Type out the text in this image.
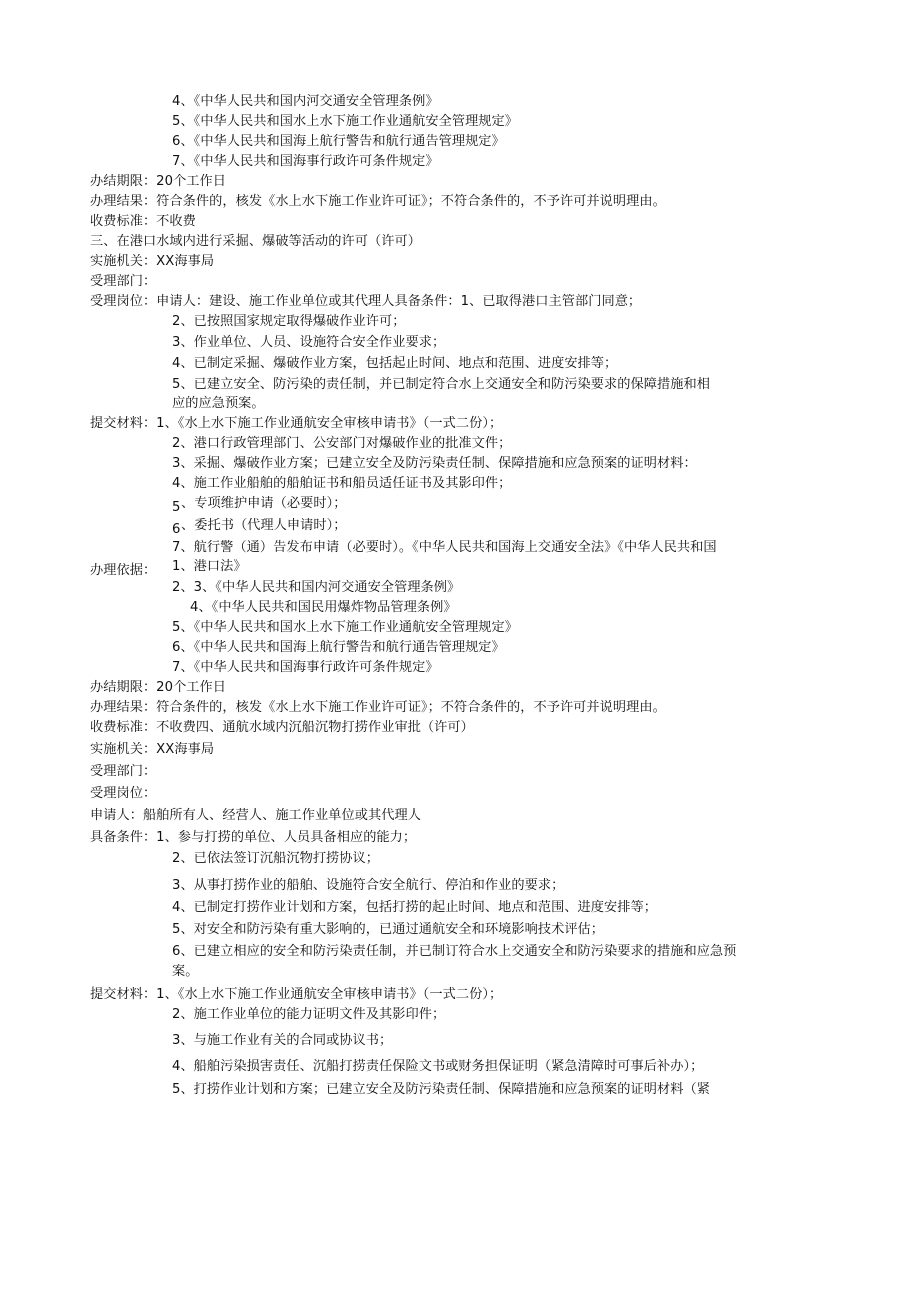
4、《中华人民共和国内河交通安全管理条例》
5、《中华人民共和国水上水下施工作业通航安全管理规定》
6、《中华人民共和国海上航行警告和航行通告管理规定》
7、《中华人民共和国海事行政许可条件规定》
办结期限：20个工作日
办理结果：符合条件的，核发《水上水下施工作业许可证》；不符合条件的，不予许可并说明理由。
收费标准：不收费
三、在港口水域内进行采掘、爆破等活动的许可（许可）
实施机关：XX海事局
受理部门：
受理岗位：申请人：建设、施工作业单位或其代理人具备条件：1、已取得港口主管部门同意；
2、已按照国家规定取得爆破作业许可；
3、作业单位、人员、设施符合安全作业要求；
4、已制定采掘、爆破作业方案，包括起止时间、地点和范围、进度安排等；
5、已建立安全、防污染的责任制，并已制定符合水上交通安全和防污染要求的保障措施和相
应的应急预案。
提交材料：1、《水上水下施工作业通航安全审核申请书》（一式二份）；
2、港口行政管理部门、公安部门对爆破作业的批准文件；
3、采掘、爆破作业方案；已建立安全及防污染责任制、保障措施和应急预案的证明材料：
4、施工作业船舶的船舶证书和船员适任证书及其影印件；
5 、专项维护申请（必要时）；
6 、委托书（代理人申请时）；
7、航行警（通）告发布申请（必要时）。《中华人民共和国海上交通安全法》《中华人民共和国
办理依据： 1、港口法》
2、3、《中华人民共和国内河交通安全管理条例》
4、《中华人民共和国民用爆炸物品管理条例》
5、《中华人民共和国水上水下施工作业通航安全管理规定》
6、《中华人民共和国海上航行警告和航行通告管理规定》
7、《中华人民共和国海事行政许可条件规定》
办结期限：20个工作日
办理结果：符合条件的，核发《水上水下施工作业许可证》；不符合条件的，不予许可并说明理由。
收费标准：不收费四、通航水域内沉船沉物打捞作业审批（许可）
实施机关：XX海事局
受理部门：
受理岗位：
申请人：船舶所有人、经营人、施工作业单位或其代理人
具备条件：1、参与打捞的单位、人员具备相应的能力；
2、已依法签订沉船沉物打捞协议；
3、从事打捞作业的船舶、设施符合安全航行、停泊和作业的要求；
4、已制定打捞作业计划和方案，包括打捞的起止时间、地点和范围、进度安排等；
5、对安全和防污染有重大影响的，已通过通航安全和环境影响技术评估；
6、已建立相应的安全和防污染责任制，并已制订符合水上交通安全和防污染要求的措施和应急预
案。
提交材料：1、《水上水下施工作业通航安全审核申请书》（一式二份）；
2、施工作业单位的能力证明文件及其影印件；
3、与施工作业有关的合同或协议书；
4、船舶污染损害责任、沉船打捞责任保险文书或财务担保证明（紧急清障时可事后补办）；
5、打捞作业计划和方案；已建立安全及防污染责任制、保障措施和应急预案的证明材料（紧
